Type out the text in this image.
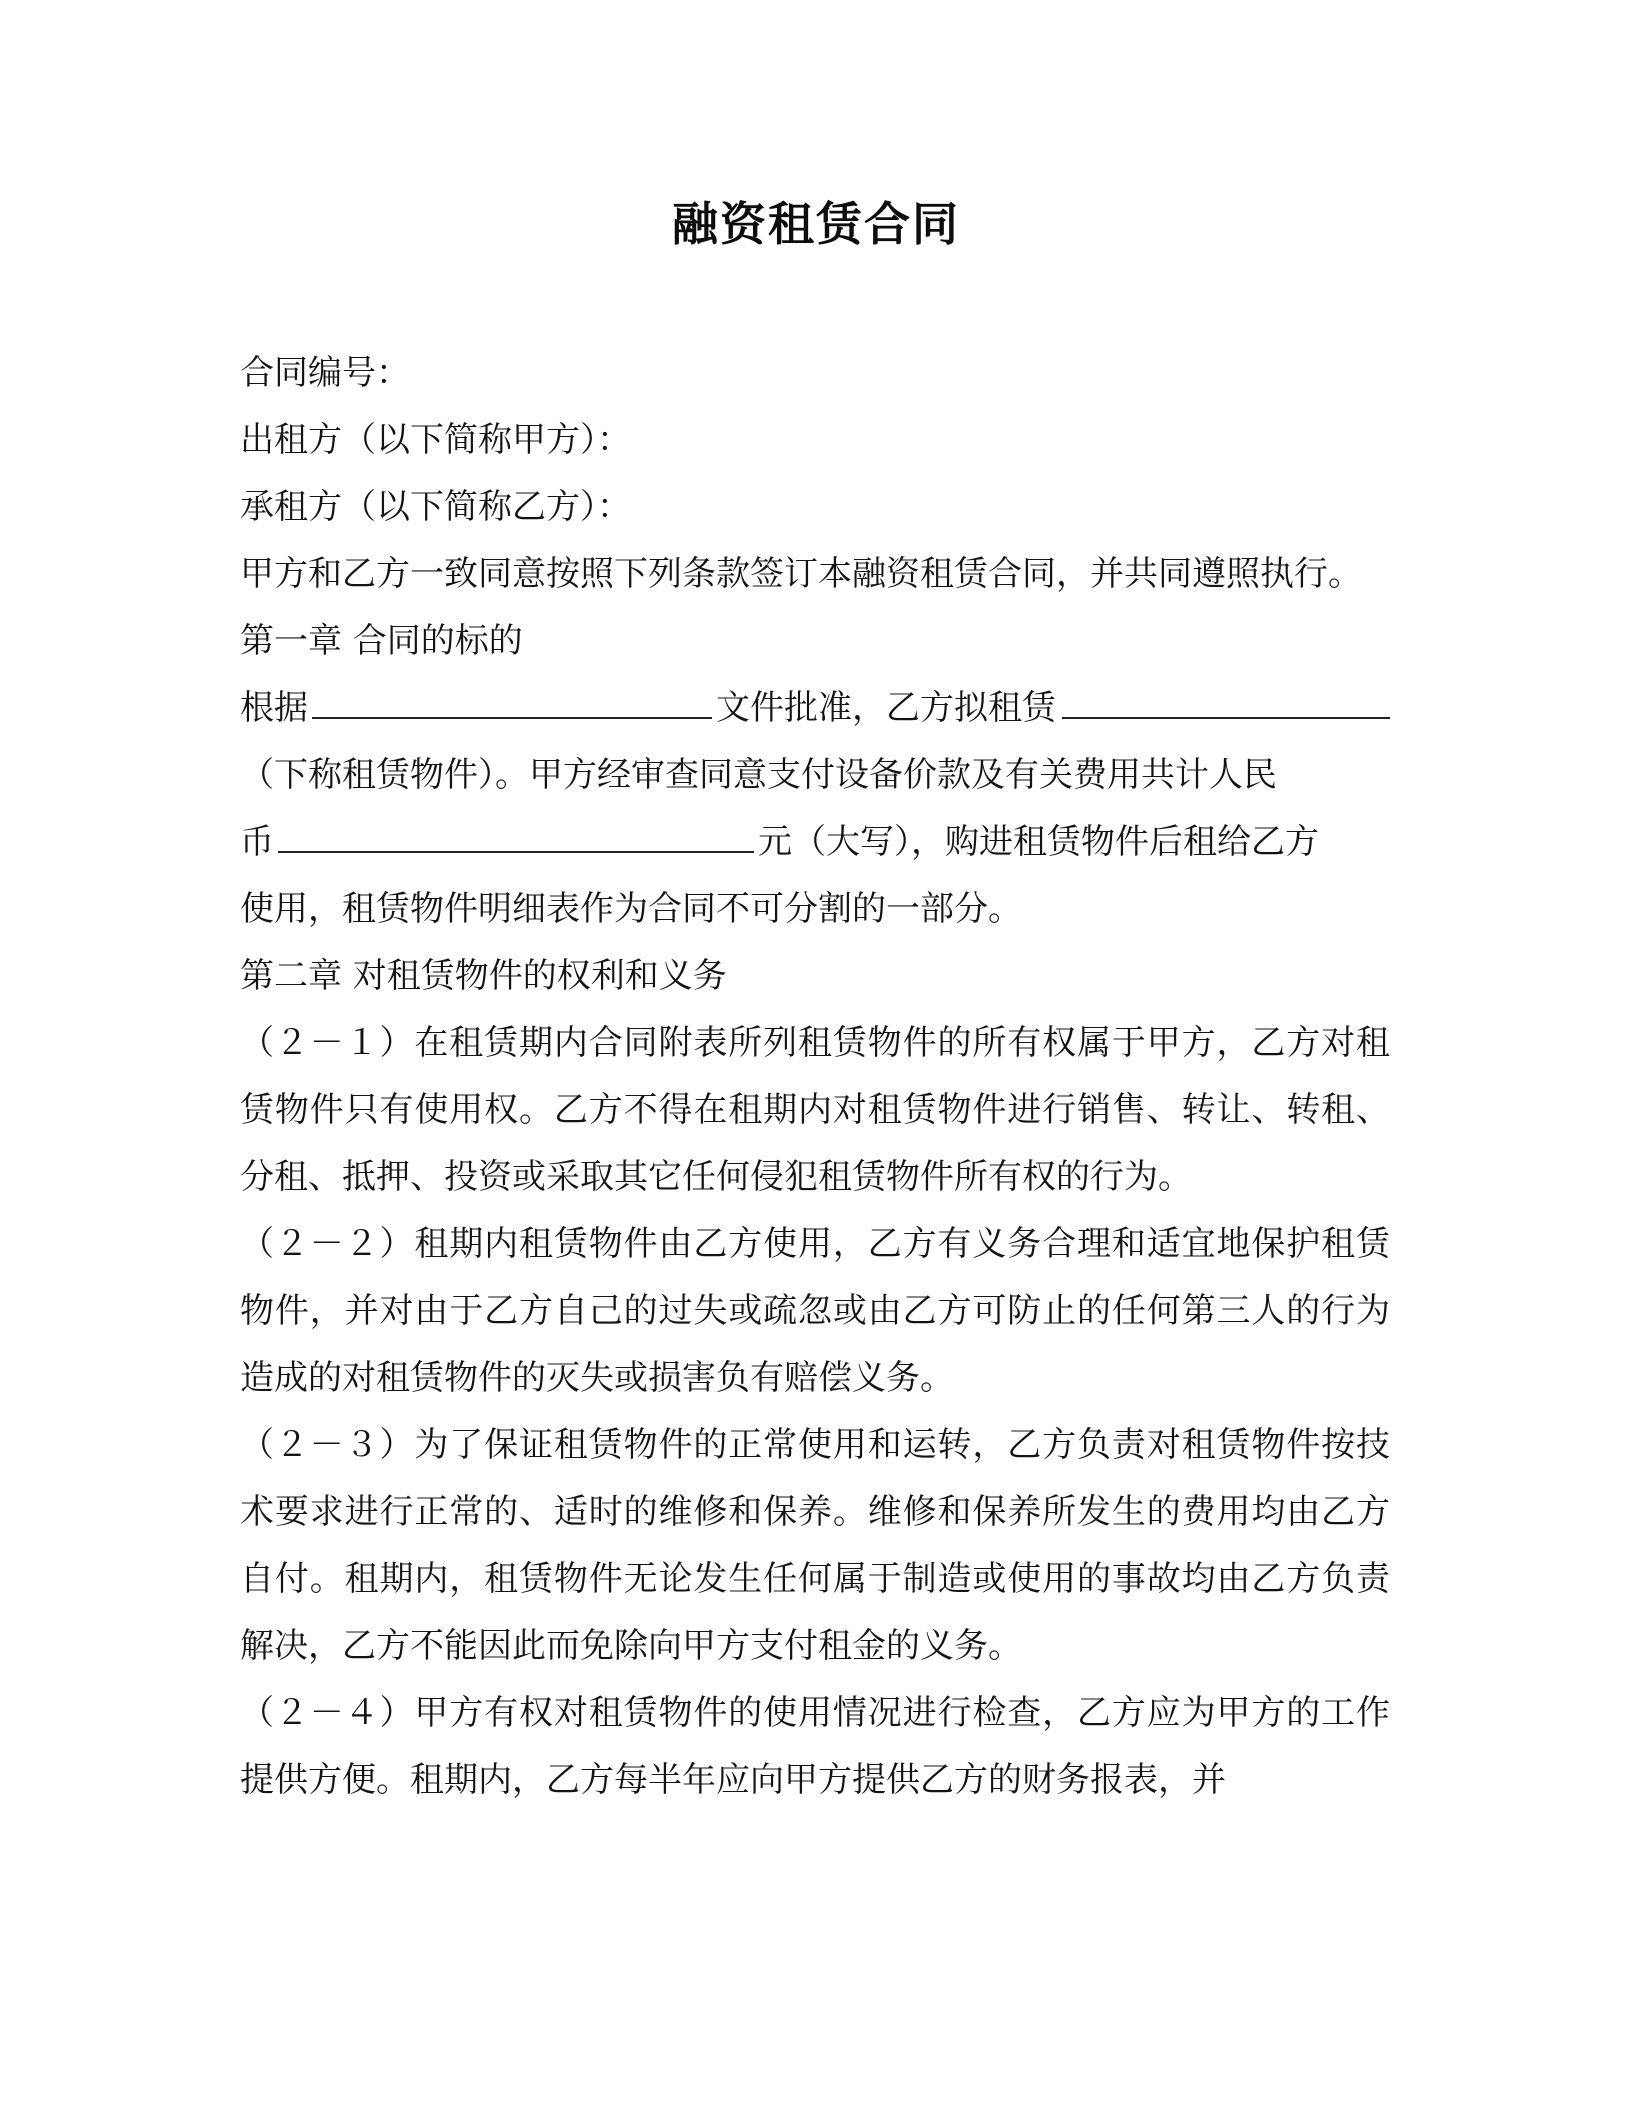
融资租赁合同
合同编号：
出租方（以下简称甲方）：
承租方（以下简称乙方）：
甲方和乙方一致同意按照下列条款签订本融资租赁合同，并共同遵照执行。
第一章 合同的标的
根据	文件批准，乙方拟租赁
（下称租赁物件）。甲方经审查同意支付设备价款及有关费用共计人民
币	元（大写），购进租赁物件后租给乙方
使用，租赁物件明细表作为合同不可分割的一部分。
第二章 对租赁物件的权利和义务
（２－１）在租赁期内合同附表所列租赁物件的所有权属于甲方，乙方对租赁物件只有使用权。乙方不得在租期内对租赁物件进行销售、转让、转租、分租、抵押、投资或采取其它任何侵犯租赁物件所有权的行为。
（２－２）租期内租赁物件由乙方使用，乙方有义务合理和适宜地保护租赁物件，并对由于乙方自己的过失或疏忽或由乙方可防止的任何第三人的行为造成的对租赁物件的灭失或损害负有赔偿义务。
（２－３）为了保证租赁物件的正常使用和运转，乙方负责对租赁物件按技术要求进行正常的、适时的维修和保养。维修和保养所发生的费用均由乙方自付。租期内，租赁物件无论发生任何属于制造或使用的事故均由乙方负责解决，乙方不能因此而免除向甲方支付租金的义务。
（２－４）甲方有权对租赁物件的使用情况进行检查，乙方应为甲方的工作提供方便。租期内，乙方每半年应向甲方提供乙方的财务报表，并
